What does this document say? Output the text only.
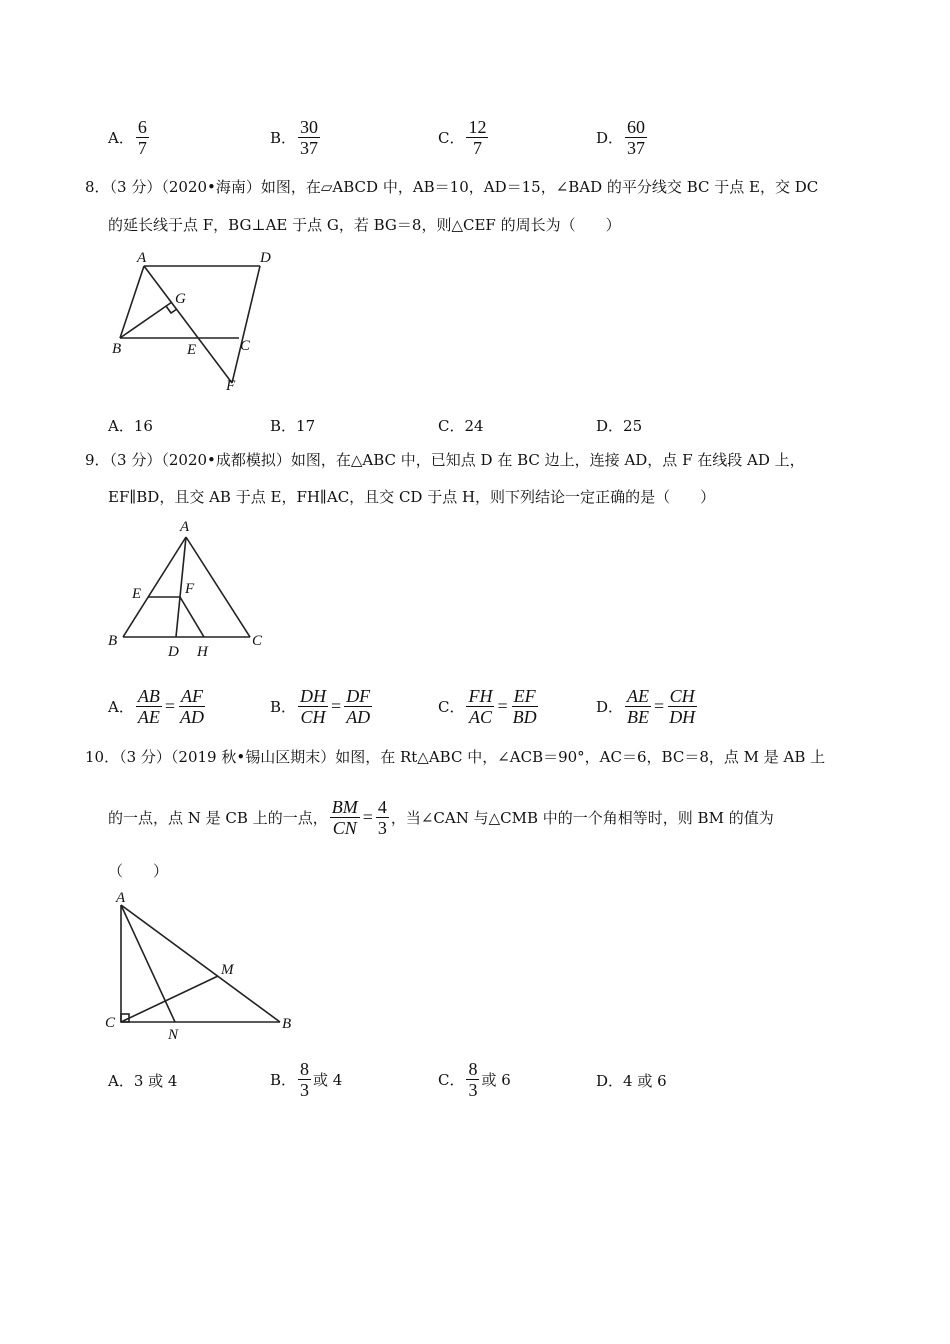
A． $\frac{6}{7}$	B． $\frac{30}{37}$	C． $\frac{12}{7}$	D． $\frac{60}{37}$
8．（3 分）（2020•海南）如图，在▱ABCD 中，AB＝10，AD＝15，∠BAD 的平分线交 BC 于点 E，交 DC
的延长线于点 F，BG⊥AE 于点 G，若 BG＝8，则△CEF 的周长为（　　）
A	D
G
B	E	C
F
A． 16	B． 17	C． 24	D． 25
9．（3 分）（2020•成都模拟）如图，在△ABC 中，已知点 D 在 BC 边上，连接 AD，点 F 在线段 AD 上，
EF∥BD，且交 AB 于点 E，FH∥AC，且交 CD 于点 H，则下列结论一定正确的是（　　）
A
E	F
B
D H
C
A． $\frac{AB}{AE} = \frac{AF}{AD}$	B． $\frac{DH}{CH} = \frac{DF}{AD}$	C． $\frac{FH}{AC} = \frac{EF}{BD}$	D． $\frac{AE}{BE} = \frac{CH}{DH}$
10．（3 分）（2019 秋•锡山区期末）如图，在 Rt△ABC 中，∠ACB＝90°，AC＝6，BC＝8，点 M 是 AB 上
的一点，点 N 是 CB 上的一点， $\frac{BM}{CN} = \frac{4}{3}$ ，当∠CAN 与△CMB 中的一个角相等时，则 BM 的值为
（　　）
A
M
C
N
B
A． 3 或 4	B． $\frac{8}{3}$ 或 4	C． $\frac{8}{3}$ 或 6	D． 4 或 6
